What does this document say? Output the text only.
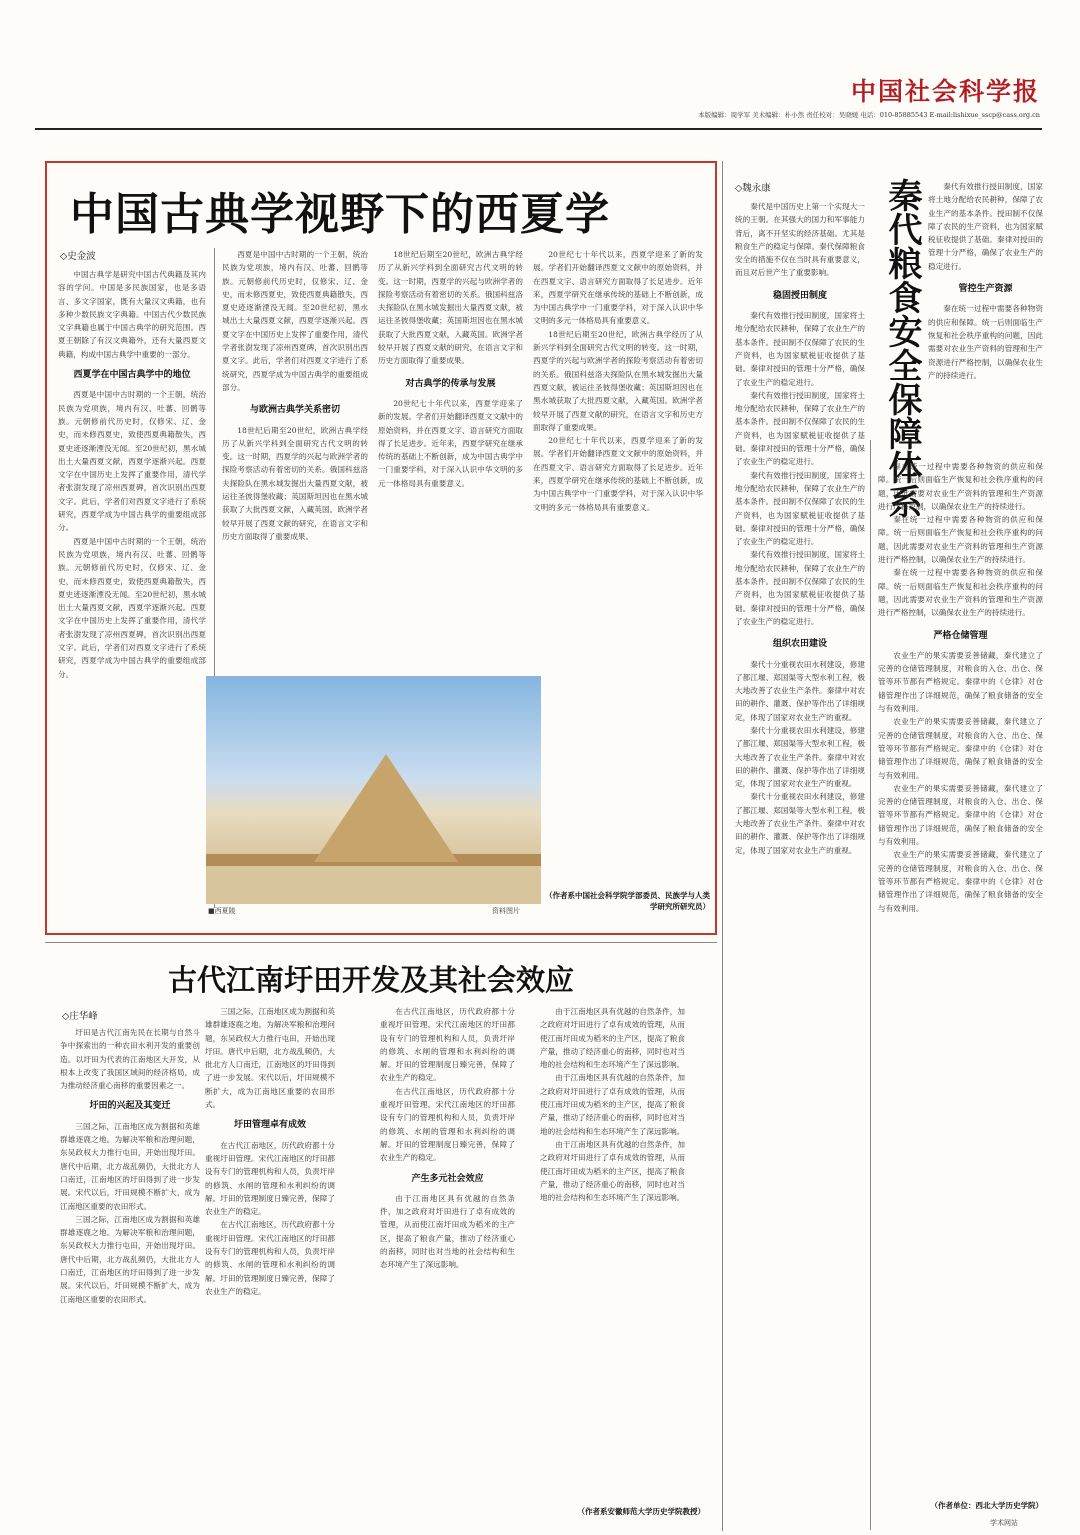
中国社会科学报
本版编辑：周学军 美术编辑：朴小然 责任校对：吴晓媛 电话：010-85885543 E-mail:lishixue_sscp@cass.org.cn
中国古典学视野下的西夏学
◇史金波

中国古典学是研究中国古代典籍及其内容的学问。中国是多民族国家，也是多语言、多文字国家，既有大量汉文典籍，也有多种少数民族文字典籍。中国古代少数民族文字典籍也属于中国古典学的研究范围。西夏王朝除了有汉文典籍外，还有大量西夏文典籍，构成中国古典学中重要的一部分。

西夏学在中国古典学中的地位

西夏是中国中古时期的一个王朝，统治民族为党项族，境内有汉、吐蕃、回鹘等族。元朝修前代历史时，仅修宋、辽、金史，而未修西夏史，致使西夏典籍散失，西夏史迹逐渐湮没无闻。至20世纪初，黑水城出土大量西夏文献，西夏学逐渐兴起。西夏文字在中国历史上发挥了重要作用，清代学者张澍发现了凉州西夏碑，首次识别出西夏文字。此后，学者们对西夏文字进行了系统研究，西夏学成为中国古典学的重要组成部分。

西夏是中国中古时期的一个王朝，统治民族为党项族，境内有汉、吐蕃、回鹘等族。元朝修前代历史时，仅修宋、辽、金史，而未修西夏史，致使西夏典籍散失，西夏史迹逐渐湮没无闻。至20世纪初，黑水城出土大量西夏文献，西夏学逐渐兴起。西夏文字在中国历史上发挥了重要作用，清代学者张澍发现了凉州西夏碑，首次识别出西夏文字。此后，学者们对西夏文字进行了系统研究，西夏学成为中国古典学的重要组成部分。

西夏是中国中古时期的一个王朝，统治民族为党项族，境内有汉、吐蕃、回鹘等族。元朝修前代历史时，仅修宋、辽、金史，而未修西夏史，致使西夏典籍散失，西夏史迹逐渐湮没无闻。至20世纪初，黑水城出土大量西夏文献，西夏学逐渐兴起。西夏文字在中国历史上发挥了重要作用，清代学者张澍发现了凉州西夏碑，首次识别出西夏文字。此后，学者们对西夏文字进行了系统研究，西夏学成为中国古典学的重要组成部分。

与欧洲古典学关系密切

18世纪后期至20世纪，欧洲古典学经历了从新兴学科到全面研究古代文明的转变。这一时期，西夏学的兴起与欧洲学者的探险考察活动有着密切的关系。俄国科兹洛夫探险队在黑水城发掘出大量西夏文献，被运往圣彼得堡收藏；英国斯坦因也在黑水城获取了大批西夏文献，入藏英国。欧洲学者较早开展了西夏文献的研究，在语言文字和历史方面取得了重要成果。

18世纪后期至20世纪，欧洲古典学经历了从新兴学科到全面研究古代文明的转变。这一时期，西夏学的兴起与欧洲学者的探险考察活动有着密切的关系。俄国科兹洛夫探险队在黑水城发掘出大量西夏文献，被运往圣彼得堡收藏；英国斯坦因也在黑水城获取了大批西夏文献，入藏英国。欧洲学者较早开展了西夏文献的研究，在语言文字和历史方面取得了重要成果。

对古典学的传承与发展

20世纪七十年代以来，西夏学迎来了新的发展。学者们开始翻译西夏文文献中的原始资料，并在西夏文字、语言研究方面取得了长足进步。近年来，西夏学研究在继承传统的基础上不断创新，成为中国古典学中一门重要学科，对于深入认识中华文明的多元一体格局具有重要意义。

20世纪七十年代以来，西夏学迎来了新的发展。学者们开始翻译西夏文文献中的原始资料，并在西夏文字、语言研究方面取得了长足进步。近年来，西夏学研究在继承传统的基础上不断创新，成为中国古典学中一门重要学科，对于深入认识中华文明的多元一体格局具有重要意义。

18世纪后期至20世纪，欧洲古典学经历了从新兴学科到全面研究古代文明的转变。这一时期，西夏学的兴起与欧洲学者的探险考察活动有着密切的关系。俄国科兹洛夫探险队在黑水城发掘出大量西夏文献，被运往圣彼得堡收藏；英国斯坦因也在黑水城获取了大批西夏文献，入藏英国。欧洲学者较早开展了西夏文献的研究，在语言文字和历史方面取得了重要成果。

20世纪七十年代以来，西夏学迎来了新的发展。学者们开始翻译西夏文文献中的原始资料，并在西夏文字、语言研究方面取得了长足进步。近年来，西夏学研究在继承传统的基础上不断创新，成为中国古典学中一门重要学科，对于深入认识中华文明的多元一体格局具有重要意义。

■西夏陵	资料图片
（作者系中国社会科学院学部委员、民族学与人类学研究所研究员）
◇魏永康	秦代粮食安全保障体系

秦代是中国历史上第一个实现大一统的王朝。在其强大的国力和军事能力背后，离不开坚实的经济基础。尤其是粮食生产的稳定与保障。秦代保障粮食安全的措施不仅在当时具有重要意义，而且对后世产生了重要影响。

稳固授田制度

秦代有效推行授田制度，国家将土地分配给农民耕种，保障了农业生产的基本条件。授田制不仅保障了农民的生产资料，也为国家赋税征收提供了基础。秦律对授田的管理十分严格，确保了农业生产的稳定进行。

秦代有效推行授田制度，国家将土地分配给农民耕种，保障了农业生产的基本条件。授田制不仅保障了农民的生产资料，也为国家赋税征收提供了基础。秦律对授田的管理十分严格，确保了农业生产的稳定进行。

秦代有效推行授田制度，国家将土地分配给农民耕种，保障了农业生产的基本条件。授田制不仅保障了农民的生产资料，也为国家赋税征收提供了基础。秦律对授田的管理十分严格，确保了农业生产的稳定进行。

秦代有效推行授田制度，国家将土地分配给农民耕种，保障了农业生产的基本条件。授田制不仅保障了农民的生产资料，也为国家赋税征收提供了基础。秦律对授田的管理十分严格，确保了农业生产的稳定进行。

组织农田建设

秦代十分重视农田水利建设，修建了都江堰、郑国渠等大型水利工程，极大地改善了农业生产条件。秦律中对农田的耕作、灌溉、保护等作出了详细规定，体现了国家对农业生产的重视。

秦代十分重视农田水利建设，修建了都江堰、郑国渠等大型水利工程，极大地改善了农业生产条件。秦律中对农田的耕作、灌溉、保护等作出了详细规定，体现了国家对农业生产的重视。

秦代十分重视农田水利建设，修建了都江堰、郑国渠等大型水利工程，极大地改善了农业生产条件。秦律中对农田的耕作、灌溉、保护等作出了详细规定，体现了国家对农业生产的重视。

秦代有效推行授田制度，国家将土地分配给农民耕种，保障了农业生产的基本条件。授田制不仅保障了农民的生产资料，也为国家赋税征收提供了基础。秦律对授田的管理十分严格，确保了农业生产的稳定进行。

管控生产资源

秦在统一过程中需要各种物资的供应和保障。统一后则面临生产恢复和社会秩序重构的问题，因此需要对农业生产资料的管理和生产资源进行严格控制，以确保农业生产的持续进行。

秦在统一过程中需要各种物资的供应和保障。统一后则面临生产恢复和社会秩序重构的问题，因此需要对农业生产资料的管理和生产资源进行严格控制，以确保农业生产的持续进行。

秦在统一过程中需要各种物资的供应和保障。统一后则面临生产恢复和社会秩序重构的问题，因此需要对农业生产资料的管理和生产资源进行严格控制，以确保农业生产的持续进行。

秦在统一过程中需要各种物资的供应和保障。统一后则面临生产恢复和社会秩序重构的问题，因此需要对农业生产资料的管理和生产资源进行严格控制，以确保农业生产的持续进行。

严格仓储管理

农业生产的果实需要妥善储藏，秦代建立了完善的仓储管理制度，对粮食的入仓、出仓、保管等环节都有严格规定。秦律中的《仓律》对仓储管理作出了详细规范，确保了粮食储备的安全与有效利用。

农业生产的果实需要妥善储藏，秦代建立了完善的仓储管理制度，对粮食的入仓、出仓、保管等环节都有严格规定。秦律中的《仓律》对仓储管理作出了详细规范，确保了粮食储备的安全与有效利用。

农业生产的果实需要妥善储藏，秦代建立了完善的仓储管理制度，对粮食的入仓、出仓、保管等环节都有严格规定。秦律中的《仓律》对仓储管理作出了详细规范，确保了粮食储备的安全与有效利用。

农业生产的果实需要妥善储藏，秦代建立了完善的仓储管理制度，对粮食的入仓、出仓、保管等环节都有严格规定。秦律中的《仓律》对仓储管理作出了详细规范，确保了粮食储备的安全与有效利用。

（作者单位：西北大学历史学院）
古代江南圩田开发及其社会效应
◇庄华峰

圩田是古代江南先民在长期与自然斗争中探索出的一种农田水利开发的重要创造。以圩田为代表的江南地区大开发，从根本上改变了我国区域间的经济格局，成为推动经济重心南移的重要因素之一。

圩田的兴起及其变迁

三国之际，江南地区成为割据和英雄群雄逐鹿之地。为解决军粮和治理问题，东吴政权大力推行屯田，开始出现圩田。唐代中后期，北方战乱频仍，大批北方人口南迁，江南地区的圩田得到了进一步发展。宋代以后，圩田规模不断扩大，成为江南地区重要的农田形式。

三国之际，江南地区成为割据和英雄群雄逐鹿之地。为解决军粮和治理问题，东吴政权大力推行屯田，开始出现圩田。唐代中后期，北方战乱频仍，大批北方人口南迁，江南地区的圩田得到了进一步发展。宋代以后，圩田规模不断扩大，成为江南地区重要的农田形式。

三国之际，江南地区成为割据和英雄群雄逐鹿之地。为解决军粮和治理问题，东吴政权大力推行屯田，开始出现圩田。唐代中后期，北方战乱频仍，大批北方人口南迁，江南地区的圩田得到了进一步发展。宋代以后，圩田规模不断扩大，成为江南地区重要的农田形式。

圩田管理卓有成效

在古代江南地区，历代政府都十分重视圩田管理。宋代江南地区的圩田都设有专门的管理机构和人员，负责圩岸的修筑、水闸的管理和水利纠纷的调解。圩田的管理制度日臻完善，保障了农业生产的稳定。

在古代江南地区，历代政府都十分重视圩田管理。宋代江南地区的圩田都设有专门的管理机构和人员，负责圩岸的修筑、水闸的管理和水利纠纷的调解。圩田的管理制度日臻完善，保障了农业生产的稳定。

在古代江南地区，历代政府都十分重视圩田管理。宋代江南地区的圩田都设有专门的管理机构和人员，负责圩岸的修筑、水闸的管理和水利纠纷的调解。圩田的管理制度日臻完善，保障了农业生产的稳定。

在古代江南地区，历代政府都十分重视圩田管理。宋代江南地区的圩田都设有专门的管理机构和人员，负责圩岸的修筑、水闸的管理和水利纠纷的调解。圩田的管理制度日臻完善，保障了农业生产的稳定。

产生多元社会效应

由于江南地区具有优越的自然条件，加之政府对圩田进行了卓有成效的管理，从而使江南圩田成为稻米的主产区，提高了粮食产量，推动了经济重心的南移，同时也对当地的社会结构和生态环境产生了深远影响。

由于江南地区具有优越的自然条件，加之政府对圩田进行了卓有成效的管理，从而使江南圩田成为稻米的主产区，提高了粮食产量，推动了经济重心的南移，同时也对当地的社会结构和生态环境产生了深远影响。

由于江南地区具有优越的自然条件，加之政府对圩田进行了卓有成效的管理，从而使江南圩田成为稻米的主产区，提高了粮食产量，推动了经济重心的南移，同时也对当地的社会结构和生态环境产生了深远影响。

由于江南地区具有优越的自然条件，加之政府对圩田进行了卓有成效的管理，从而使江南圩田成为稻米的主产区，提高了粮食产量，推动了经济重心的南移，同时也对当地的社会结构和生态环境产生了深远影响。

（作者系安徽师范大学历史学院教授）
学术网站
